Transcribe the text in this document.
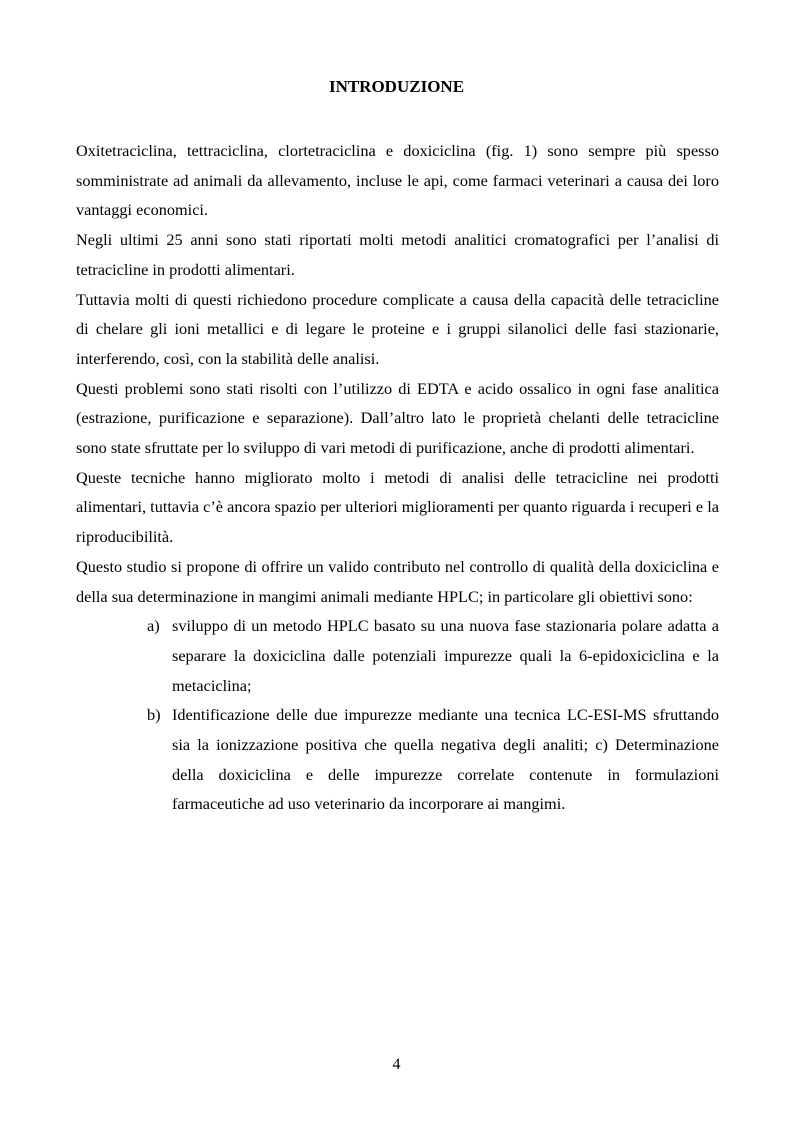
INTRODUZIONE

Oxitetraciclina, tettraciclina, clortetraciclina e doxiciclina (fig. 1) sono sempre più spesso somministrate ad animali da allevamento, incluse le api, come farmaci veterinari a causa dei loro vantaggi economici.

Negli ultimi 25 anni sono stati riportati molti metodi analitici cromatografici per l’analisi di tetracicline in prodotti alimentari.

Tuttavia molti di questi richiedono procedure complicate a causa della capacità delle tetracicline di chelare gli ioni metallici e di legare le proteine e i gruppi silanolici delle fasi stazionarie, interferendo, così, con la stabilità delle analisi.

Questi problemi sono stati risolti con l’utilizzo di EDTA e acido ossalico in ogni fase analitica (estrazione, purificazione e separazione). Dall’altro lato le proprietà chelanti delle tetracicline sono state sfruttate per lo sviluppo di vari metodi di purificazione, anche di prodotti alimentari.

Queste tecniche hanno migliorato molto i metodi di analisi delle tetracicline nei prodotti alimentari, tuttavia c’è ancora spazio per ulteriori miglioramenti per quanto riguarda i recuperi e la riproducibilità.

Questo studio si propone di offrire un valido contributo nel controllo di qualità della doxiciclina e della sua determinazione in mangimi animali mediante HPLC; in particolare gli obiettivi sono:

a) sviluppo di un metodo HPLC basato su una nuova fase stazionaria polare adatta a separare la doxiciclina dalle potenziali impurezze quali la 6-epidoxiciclina e la metaciclina;
b) Identificazione delle due impurezze mediante una tecnica LC-ESI-MS sfruttando sia la ionizzazione positiva che quella negativa degli analiti; c) Determinazione della doxiciclina e delle impurezze correlate contenute in formulazioni farmaceutiche ad uso veterinario da incorporare ai mangimi.
4
